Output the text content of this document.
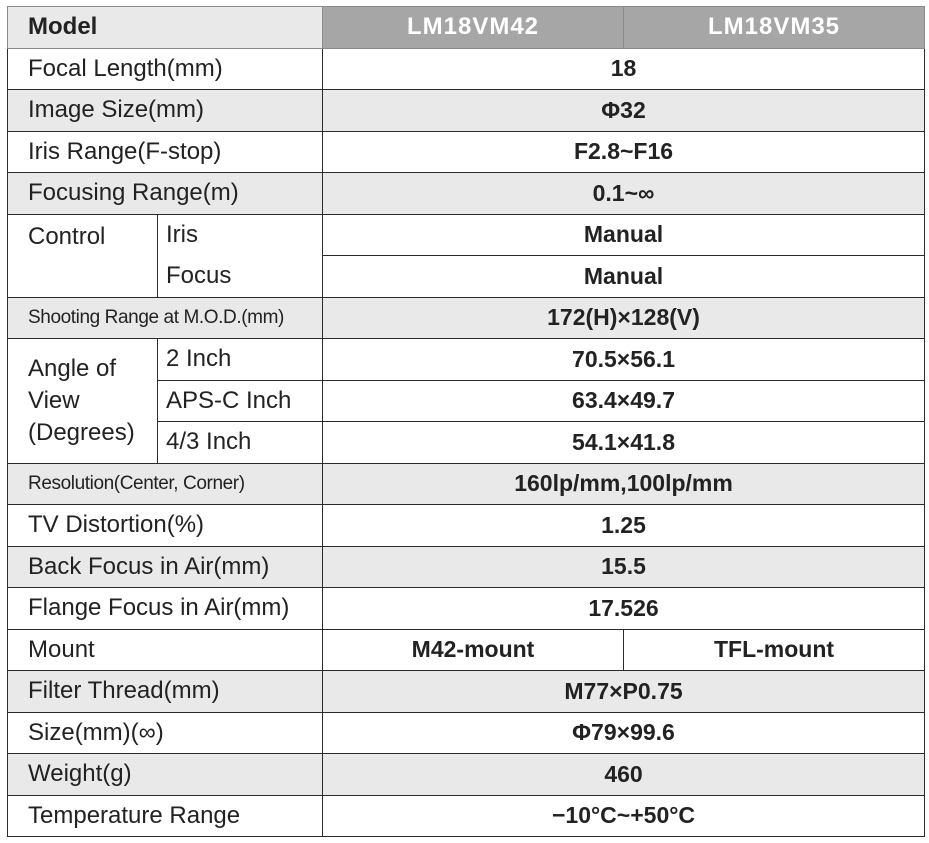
Model		LM18VM42	LM18VM35
Focal Length(mm)		18	
Image Size(mm)		Φ32	
Iris Range(F-stop)		F2.8~F16	
Focusing Range(m)		0.1~∞	
Control	Iris	Manual	
	Focus	Manual	
Shooting Range at M.O.D.(mm)		172(H)×128(V)	

Angle of
View
(Degrees)	2 Inch	70.5×56.1	
	APS-C Inch	63.4×49.7	
	4/3 Inch	54.1×41.8	
Resolution(Center, Corner)		160lp/mm,100lp/mm	
TV Distortion(%)		1.25	
Back Focus in Air(mm)		15.5	
Flange Focus in Air(mm)		17.526	
Mount		M42-mount	TFL-mount
Filter Thread(mm)		M77×P0.75	
Size(mm)(∞)		Φ79×99.6	
Weight(g)		460	
Temperature Range		−10°C~+50°C	
